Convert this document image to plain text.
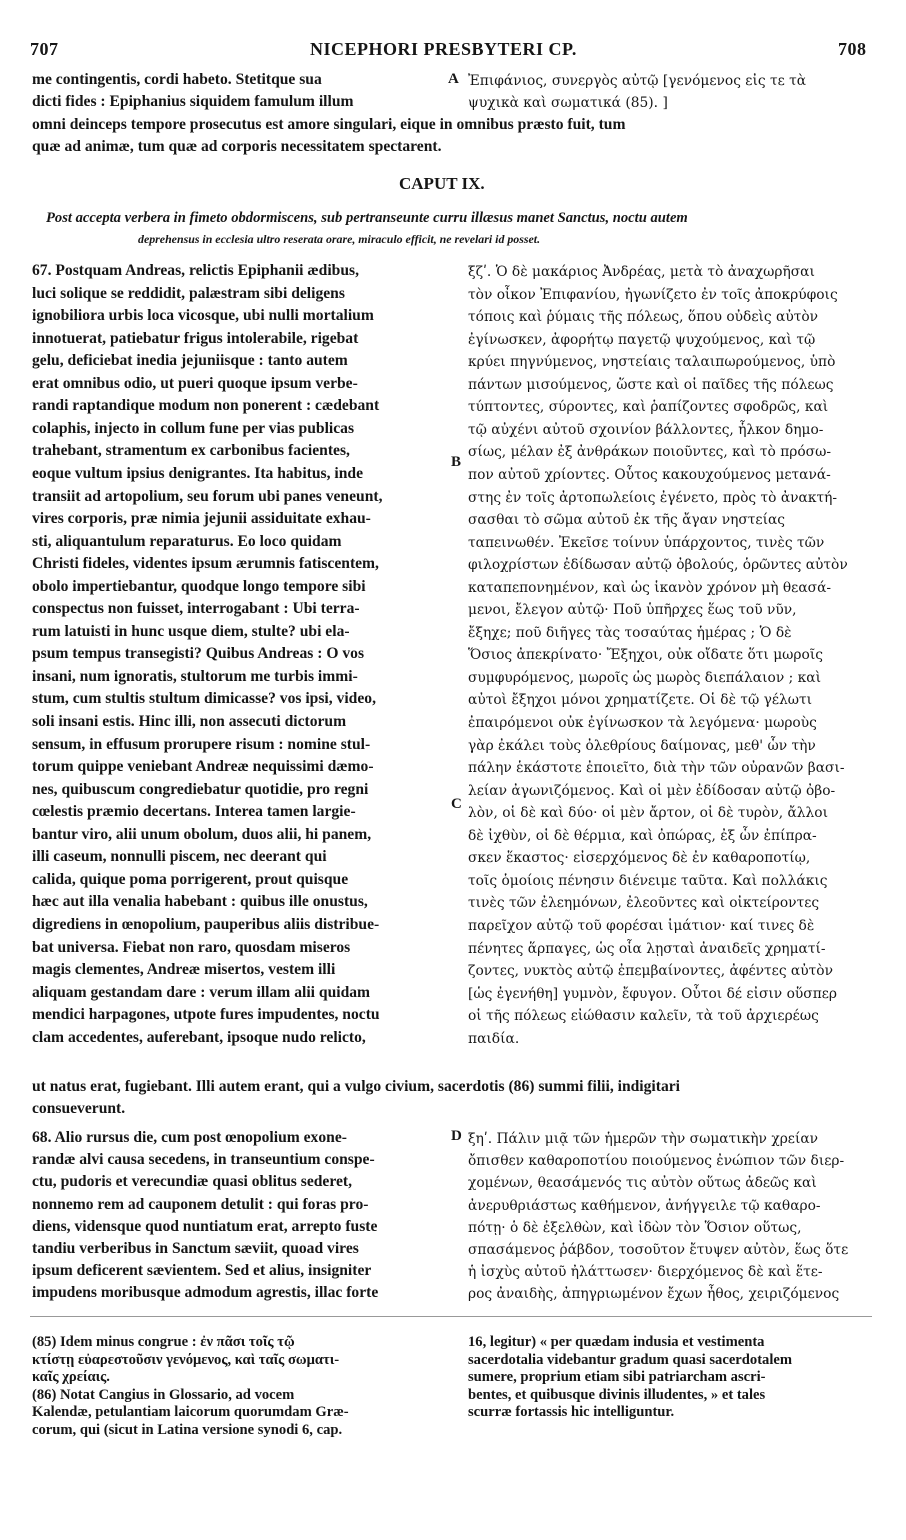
707	NICEPHORI PRESBYTERI CP.	708
me contingentis, cordi habeto. Stetitque sua
dicti fides : Epiphanius siquidem famulum illum
Ἐπιφάνιος, συνεργὸς αὐτῷ [γενόμενος εἰς τε τὰ
ψυχικὰ καὶ σωματικά (85). ]
omni deinceps tempore prosecutus est amore singulari, eique in omnibus præsto fuit, tum
quæ ad animæ, tum quæ ad corporis necessitatem spectarent.
CAPUT IX.
Post accepta verbera in fimeto obdormiscens, sub pertranseunte curru illæsus manet Sanctus, noctu autem
deprehensus in ecclesia ultro reserata orare, miraculo efficit, ne revelari id posset.
67. Postquam Andreas, relictis Epiphanii ædibus,
luci solique se reddidit, palæstram sibi deligens
ignobiliora urbis loca vicosque, ubi nulli mortalium
innotuerat, patiebatur frigus intolerabile, rigebat
gelu, deficiebat inedia jejuniisque : tanto autem
erat omnibus odio, ut pueri quoque ipsum verbe-
randi raptandique modum non ponerent : cædebant
colaphis, injecto in collum fune per vias publicas
trahebant, stramentum ex carbonibus facientes,
eoque vultum ipsius denigrantes. Ita habitus, inde
transiit ad artopolium, seu forum ubi panes veneunt,
vires corporis, præ nimia jejunii assiduitate exhau-
sti, aliquantulum reparaturus. Eo loco quidam
Christi fideles, videntes ipsum ærumnis fatiscentem,
obolo impertiebantur, quodque longo tempore sibi
conspectus non fuisset, interrogabant : Ubi terra-
rum latuisti in hunc usque diem, stulte? ubi ela-
psum tempus transegisti? Quibus Andreas : O vos
insani, num ignoratis, stultorum me turbis immi-
stum, cum stultis stultum dimicasse? vos ipsi, video,
soli insani estis. Hinc illi, non assecuti dictorum
sensum, in effusum prorupere risum : nomine stul-
torum quippe veniebant Andreæ nequissimi dæmo-
nes, quibuscum congrediebatur quotidie, pro regni
cœlestis præmio decertans. Interea tamen largie-
bantur viro, alii unum obolum, duos alii, hi panem,
illi caseum, nonnulli piscem, nec deerant qui
calida, quique poma porrigerent, prout quisque
hæc aut illa venalia habebant : quibus ille onustus,
digrediens in œnopolium, pauperibus aliis distribue-
bat universa. Fiebat non raro, quosdam miseros
magis clementes, Andreæ misertos, vestem illi
aliquam gestandam dare : verum illam alii quidam
mendici harpagones, utpote fures impudentes, noctu
clam accedentes, auferebant, ipsoque nudo relicto,
ξζʹ. Ὁ δὲ μακάριος Ἀνδρέας, μετὰ τὸ ἀναχωρῆσαι
τὸν οἶκον Ἐπιφανίου, ἠγωνίζετο ἐν τοῖς ἀποκρύφοις
τόποις καὶ ῥύμαις τῆς πόλεως, ὅπου οὐδεὶς αὐτὸν
ἐγίνωσκεν, ἀφορήτῳ παγετῷ ψυχούμενος, καὶ τῷ
κρύει πηγνύμενος, νηστείαις ταλαιπωρούμενος, ὑπὸ
πάντων μισούμενος, ὥστε καὶ οἱ παῖδες τῆς πόλεως
τύπτοντες, σύροντες, καὶ ῥαπίζοντες σφοδρῶς, καὶ
τῷ αὐχένι αὐτοῦ σχοινίον βάλλοντες, ἧλκον δημο-
σίως, μέλαν ἐξ ἀνθράκων ποιοῦντες, καὶ τὸ πρόσω-
πον αὐτοῦ χρίοντες. Οὗτος κακουχούμενος μετανά-
στης ἐν τοῖς ἀρτοπωλείοις ἐγένετο, πρὸς τὸ ἀνακτή-
σασθαι τὸ σῶμα αὐτοῦ ἐκ τῆς ἄγαν νηστείας
ταπεινωθέν. Ἐκεῖσε τοίνυν ὑπάρχοντος, τινὲς τῶν
φιλοχρίστων ἐδίδωσαν αὐτῷ ὀβολούς, ὁρῶντες αὐτὸν
καταπεπονημένον, καὶ ὡς ἱκανὸν χρόνον μὴ θεασά-
μενοι, ἔλεγον αὐτῷ· Ποῦ ὑπῆρχες ἕως τοῦ νῦν,
ἔξηχε; ποῦ διῆγες τὰς τοσαύτας ἡμέρας ; Ὁ δὲ
Ὅσιος ἀπεκρίνατο· Ἔξηχοι, οὐκ οἴδατε ὅτι μωροῖς
συμφυρόμενος, μωροῖς ὡς μωρὸς διεπάλαιον ; καὶ
αὐτοὶ ἔξηχοι μόνοι χρηματίζετε. Οἱ δὲ τῷ γέλωτι
ἐπαιρόμενοι οὐκ ἐγίνωσκον τὰ λεγόμενα· μωροὺς
γὰρ ἐκάλει τοὺς ὀλεθρίους δαίμονας, μεθ' ὧν τὴν
πάλην ἑκάστοτε ἐποιεῖτο, διὰ τὴν τῶν οὐρανῶν βασι-
λείαν ἀγωνιζόμενος. Καὶ οἱ μὲν ἐδίδοσαν αὐτῷ ὀβο-
λὸν, οἱ δὲ καὶ δύο· οἱ μὲν ἄρτον, οἱ δὲ τυρὸν, ἄλλοι
δὲ ἰχθὺν, οἱ δὲ θέρμια, καὶ ὀπώρας, ἐξ ὧν ἐπίπρα-
σκεν ἕκαστος· εἰσερχόμενος δὲ ἐν καθαροποτίῳ,
τοῖς ὁμοίοις πένησιν διένειμε ταῦτα. Καὶ πολλάκις
τινὲς τῶν ἐλεημόνων, ἐλεοῦντες καὶ οἰκτείροντες
παρεῖχον αὐτῷ τοῦ φορέσαι ἱμάτιον· καί τινες δὲ
πένητες ἅρπαγες, ὡς οἷα λῃσταὶ ἀναιδεῖς χρηματί-
ζοντες, νυκτὸς αὐτῷ ἐπεμβαίνοντες, ἀφέντες αὐτὸν
[ὡς ἐγενήθη] γυμνὸν, ἔφυγον. Οὗτοι δέ εἰσιν οὕσπερ
οἱ τῆς πόλεως εἰώθασιν καλεῖν, τὰ τοῦ ἀρχιερέως
παιδία.
ut natus erat, fugiebant. Illi autem erant, qui a vulgo civium, sacerdotis (86) summi filii, indigitari
consueverunt.
68. Alio rursus die, cum post œnopolium exone-
randæ alvi causa secedens, in transeuntium conspe-
ctu, pudoris et verecundiæ quasi oblitus sederet,
nonnemo rem ad cauponem detulit : qui foras pro-
diens, vidensque quod nuntiatum erat, arrepto fuste
tandiu verberibus in Sanctum sæviit, quoad vires
ipsum deficerent sævientem. Sed et alius, insigniter
impudens moribusque admodum agrestis, illac forte
ξηʹ. Πάλιν μιᾷ τῶν ἡμερῶν τὴν σωματικὴν χρείαν
ὄπισθεν καθαροποτίου ποιούμενος ἐνώπιον τῶν διερ-
χομένων, θεασάμενός τις αὐτὸν οὕτως ἀδεῶς καὶ
ἀνερυθριάστως καθήμενον, ἀνήγγειλε τῷ καθαρο-
πότῃ· ὁ δὲ ἐξελθὼν, καὶ ἰδὼν τὸν Ὅσιον οὕτως,
σπασάμενος ῥάβδον, τοσοῦτον ἔτυψεν αὐτὸν, ἕως ὅτε
ἡ ἰσχὺς αὐτοῦ ἠλάττωσεν· διερχόμενος δὲ καὶ ἕτε-
ρος ἀναιδὴς, ἀπηγριωμένον ἔχων ἦθος, χειριζόμενος
A
B
C
D
(85) Idem minus congrue : ἐν πᾶσι τοῖς τῷ
κτίστῃ εὐαρεστοῦσιν γενόμενος, καὶ ταῖς σωματι-
καῖς χρείαις.
(86) Notat Cangius in Glossario, ad vocem
Kalendæ, petulantiam laicorum quorumdam Græ-
corum, qui (sicut in Latina versione synodi 6, cap.
16, legitur) « per quædam indusia et vestimenta
sacerdotalia videbantur gradum quasi sacerdotalem
sumere, proprium etiam sibi patriarcham ascri-
bentes, et quibusque divinis illudentes, » et tales
scurræ fortassis hic intelliguntur.
